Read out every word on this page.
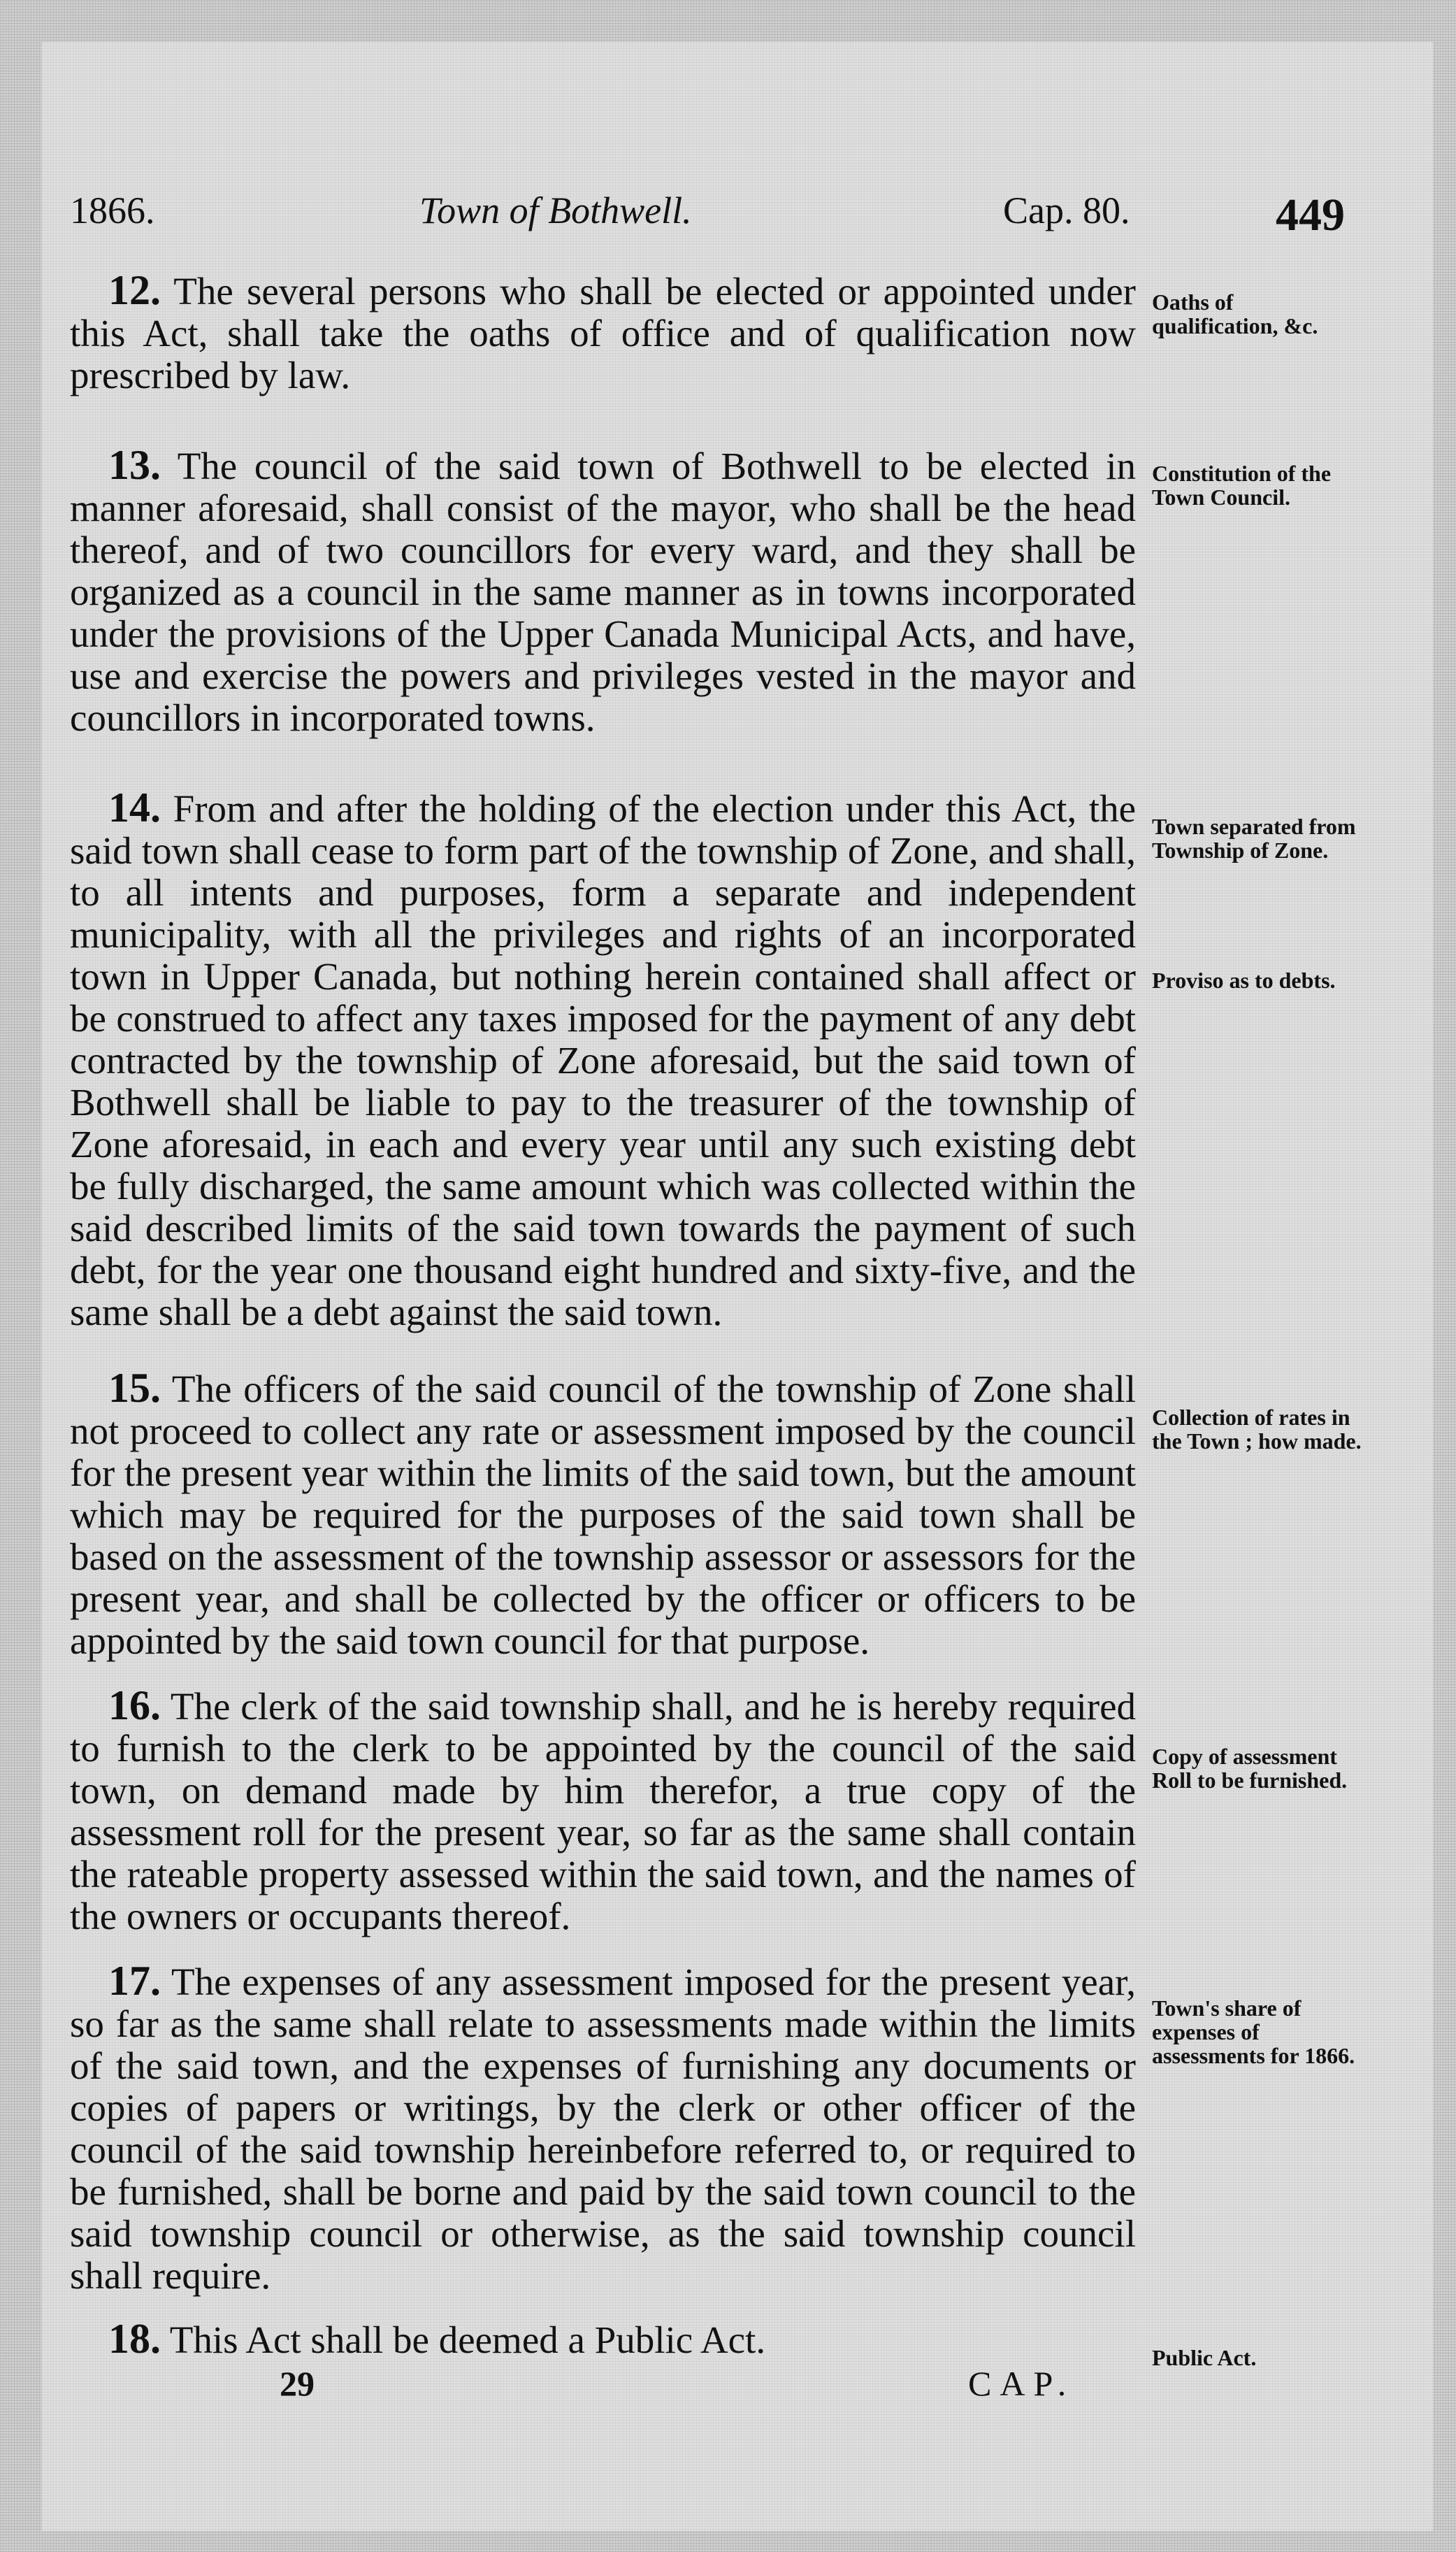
1866.	Town of Bothwell.	Cap. 80.	449

12. The several persons who shall be elected or appointed under this Act, shall take the oaths of office and of qualification now prescribed by law.

13. The council of the said town of Bothwell to be elected in manner aforesaid, shall consist of the mayor, who shall be the head thereof, and of two councillors for every ward, and they shall be organized as a council in the same manner as in towns incorporated under the provisions of the Upper Canada Municipal Acts, and have, use and exercise the powers and privileges vested in the mayor and councillors in incorporated towns.

14. From and after the holding of the election under this Act, the said town shall cease to form part of the township of Zone, and shall, to all intents and purposes, form a separate and independent municipality, with all the privileges and rights of an incorporated town in Upper Canada, but nothing herein contained shall affect or be construed to affect any taxes imposed for the payment of any debt contracted by the township of Zone aforesaid, but the said town of Bothwell shall be liable to pay to the treasurer of the township of Zone aforesaid, in each and every year until any such existing debt be fully discharged, the same amount which was collected within the said described limits of the said town towards the payment of such debt, for the year one thousand eight hundred and sixty-five, and the same shall be a debt against the said town.

15. The officers of the said council of the township of Zone shall not proceed to collect any rate or assessment imposed by the council for the present year within the limits of the said town, but the amount which may be required for the purposes of the said town shall be based on the assessment of the township assessor or assessors for the present year, and shall be collected by the officer or officers to be appointed by the said town council for that purpose.

16. The clerk of the said township shall, and he is hereby required to furnish to the clerk to be appointed by the council of the said town, on demand made by him therefor, a true copy of the assessment roll for the present year, so far as the same shall contain the rateable property assessed within the said town, and the names of the owners or occupants thereof.

17. The expenses of any assessment imposed for the present year, so far as the same shall relate to assessments made within the limits of the said town, and the expenses of furnishing any documents or copies of papers or writings, by the clerk or other officer of the council of the said township hereinbefore referred to, or required to be furnished, shall be borne and paid by the said town council to the said township council or otherwise, as the said township council shall require.

18. This Act shall be deemed a Public Act.

Oaths of qualification, &c.
Constitution of the Town Council.
Town separated from Township of Zone.
Proviso as to debts.
Collection of rates in the Town ; how made.
Copy of assessment Roll to be furnished.
Town's share of expenses of assessments for 1866.
Public Act.
29	CAP.
